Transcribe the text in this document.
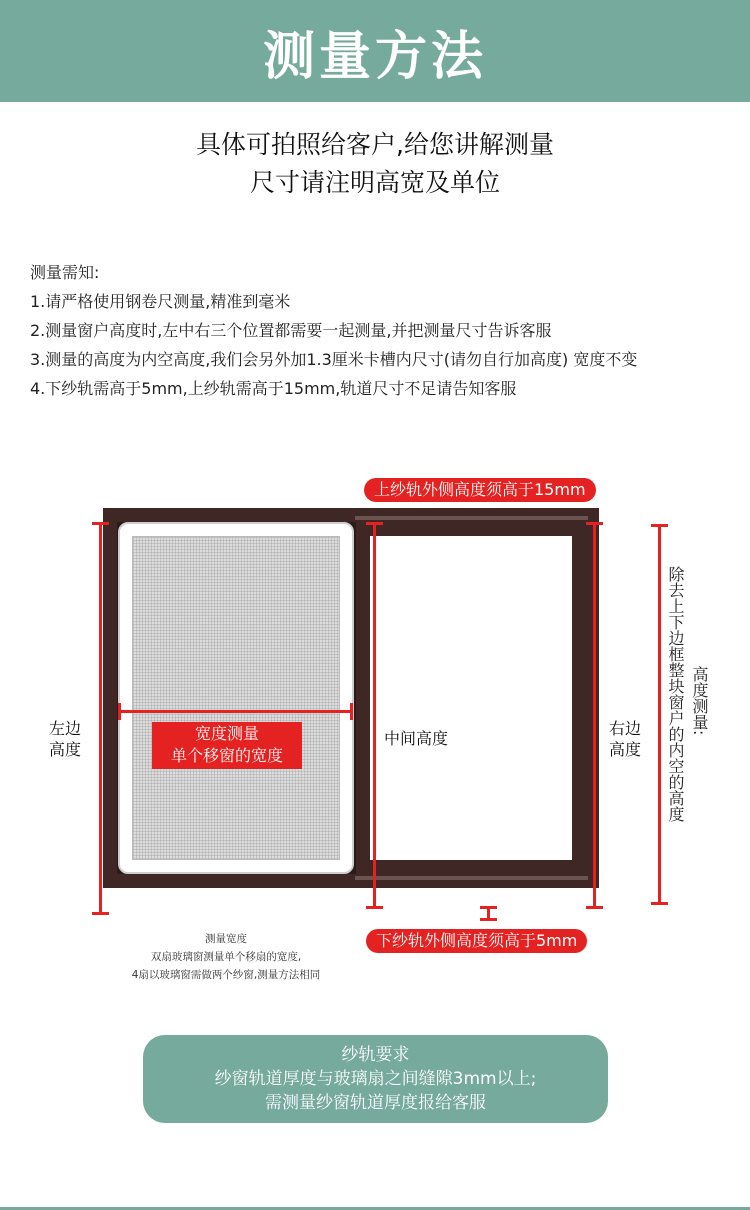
测量方法
具体可拍照给客户,给您讲解测量
尺寸请注明高宽及单位
测量需知:
1.请严格使用钢卷尺测量,精准到毫米
2.测量窗户高度时,左中右三个位置都需要一起测量,并把测量尺寸告诉客服
3.测量的高度为内空高度,我们会另外加1.3厘米卡槽内尺寸(请勿自行加高度) 宽度不变
4.下纱轨需高于5mm,上纱轨需高于15mm,轨道尺寸不足请告知客服
上纱轨外侧高度须高于15mm
左边
高度
中间高度
右边
高度	除去上下边框整块窗户的内空的高度 高度测量:
宽度测量
单个移窗的宽度
下纱轨外侧高度须高于5mm
测量宽度
双扇玻璃窗测量单个移扇的宽度,
4扇以玻璃窗需做两个纱窗,测量方法相同
纱轨要求
纱窗轨道厚度与玻璃扇之间缝隙3mm以上;
需测量纱窗轨道厚度报给客服
